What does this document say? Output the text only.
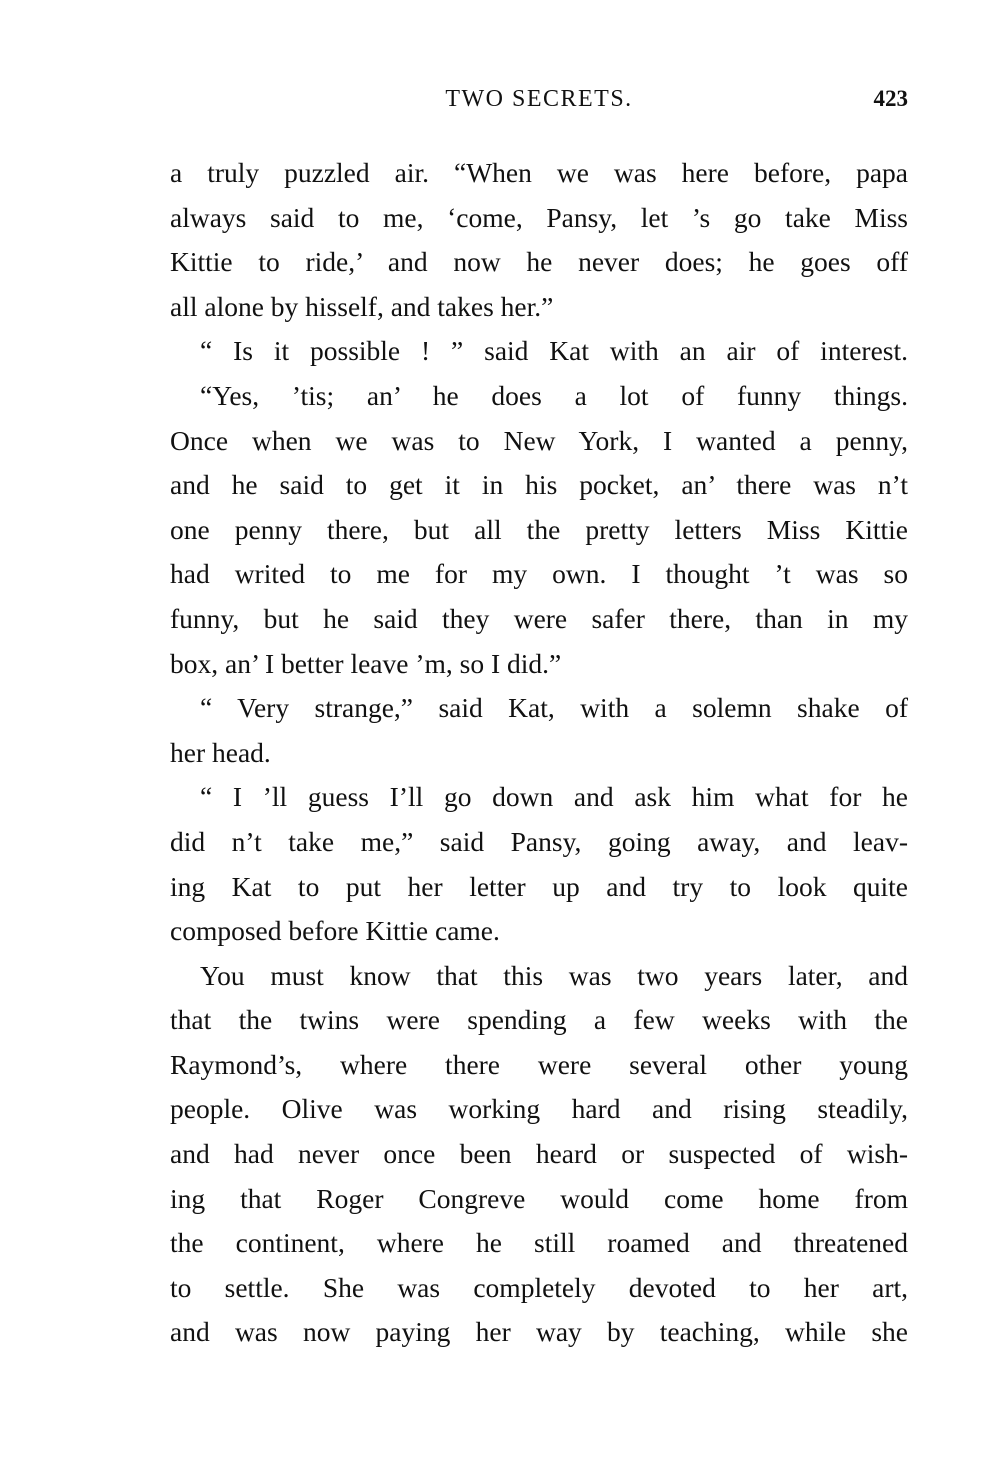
TWO SECRETS.	423
a truly puzzled air. “When we was here before, papa
always said to me, ‘come, Pansy, let ’s go take Miss
Kittie to ride,’ and now he never does; he goes off
all alone by hisself, and takes her.”
“ Is it possible ! ” said Kat with an air of interest.
“Yes, ’tis; an’ he does a lot of funny things.
Once when we was to New York, I wanted a penny,
and he said to get it in his pocket, an’ there was n’t
one penny there, but all the pretty letters Miss Kittie
had writed to me for my own. I thought ’t was so
funny, but he said they were safer there, than in my
box, an’ I better leave ’m, so I did.”
“ Very strange,” said Kat, with a solemn shake of
her head.
“ I ’ll guess I’ll go down and ask him what for he
did n’t take me,” said Pansy, going away, and leav-
ing Kat to put her letter up and try to look quite
composed before Kittie came.
You must know that this was two years later, and
that the twins were spending a few weeks with the
Raymond’s, where there were several other young
people. Olive was working hard and rising steadily,
and had never once been heard or suspected of wish-
ing that Roger Congreve would come home from
the continent, where he still roamed and threatened
to settle. She was completely devoted to her art,
and was now paying her way by teaching, while she
